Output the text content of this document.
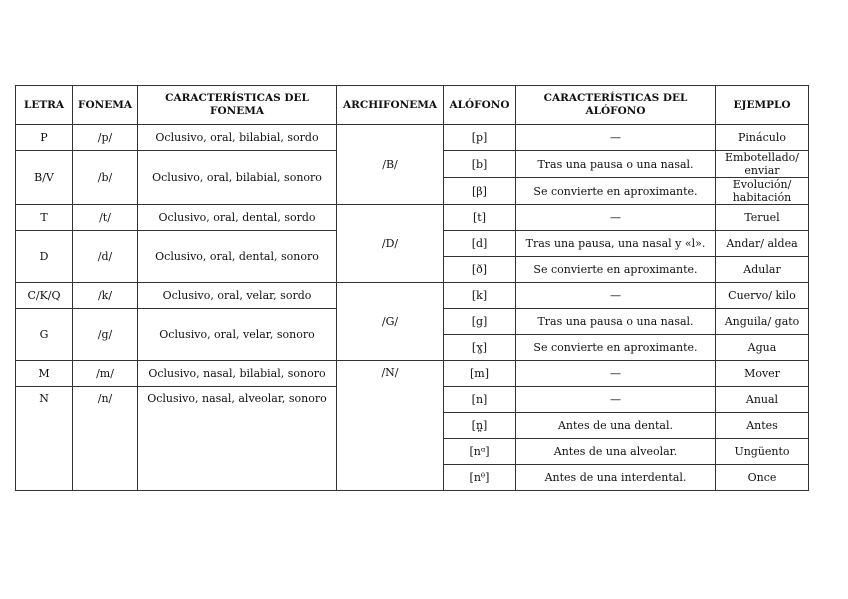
LETRA	FONEMA	CARACTERÍSTICAS DEL FONEMA	ARCHIFONEMA	ALÓFONO	CARACTERÍSTICAS DEL ALÓFONO	EJEMPLO
P	/p/	Oclusivo, oral, bilabial, sordo	/B/	[p]	—	Pináculo
B/V	/b/	Oclusivo, oral, bilabial, sonoro		[b]	Tras una pausa o una nasal.	Embotellado/ enviar
				[β]	Se convierte en aproximante.	Evolución/ habitación
T	/t/	Oclusivo, oral, dental, sordo	/D/	[t]	—	Teruel
D	/d/	Oclusivo, oral, dental, sonoro		[d]	Tras una pausa, una nasal y «l».	Andar/ aldea
				[ð]	Se convierte en aproximante.	Adular
C/K/Q	/k/	Oclusivo, oral, velar, sordo	/G/	[k]	—	Cuervo/ kilo
G	/g/	Oclusivo, oral, velar, sonoro		[g]	Tras una pausa o una nasal.	Anguila/ gato
				[ɣ]	Se convierte en aproximante.	Agua
M	/m/	Oclusivo, nasal, bilabial, sonoro	/N/	[m]	—	Mover
N	/n/	Oclusivo, nasal, alveolar, sonoro		[n]	—	Anual
				[n̪]	Antes de una dental.	Antes
				[nᵅ]	Antes de una alveolar.	Ungüento
				[nᶿ]	Antes de una interdental.	Once
